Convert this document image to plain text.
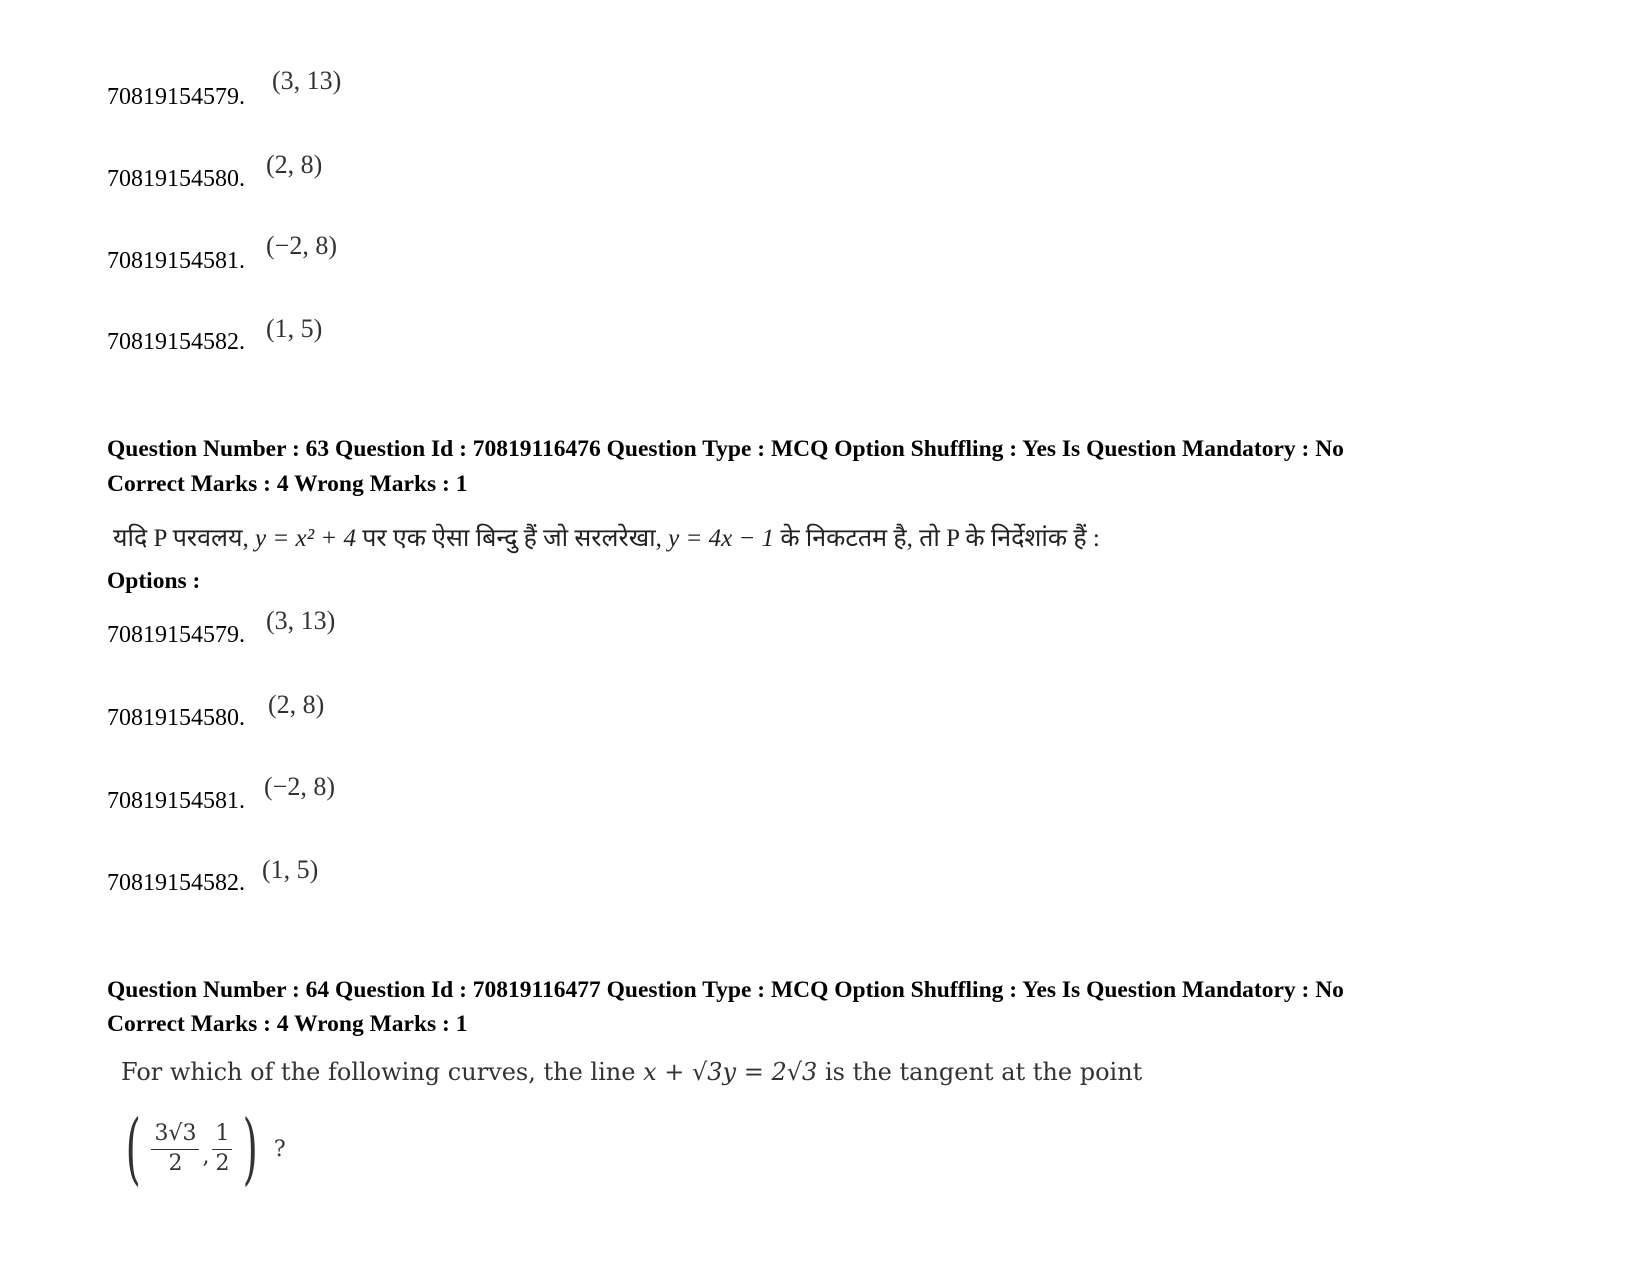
70819154579.
(3, 13)
70819154580. (2, 8)
70819154581.
(−2, 8)
70819154582. (1, 5)
Question Number : 63 Question Id : 70819116476 Question Type : MCQ Option Shuffling : Yes Is Question Mandatory : No
Correct Marks : 4 Wrong Marks : 1
यदि P परवलय, y = x² + 4 पर एक ऐसा बिन्दु हैं जो सरलरेखा, y = 4x − 1 के निकटतम है, तो P के निर्देशांक हैं :
Options :
70819154579. (3, 13)
70819154580. (2, 8)
70819154581. (−2, 8)
70819154582. (1, 5)
Question Number : 64 Question Id : 70819116477 Question Type : MCQ Option Shuffling : Yes Is Question Mandatory : No
Correct Marks : 4 Wrong Marks : 1
For which of the following curves, the line x + √3y = 2√3 is the tangent at the point
( $\frac{3√3}{2}$ , $\frac{1}{2}$ ) ?
